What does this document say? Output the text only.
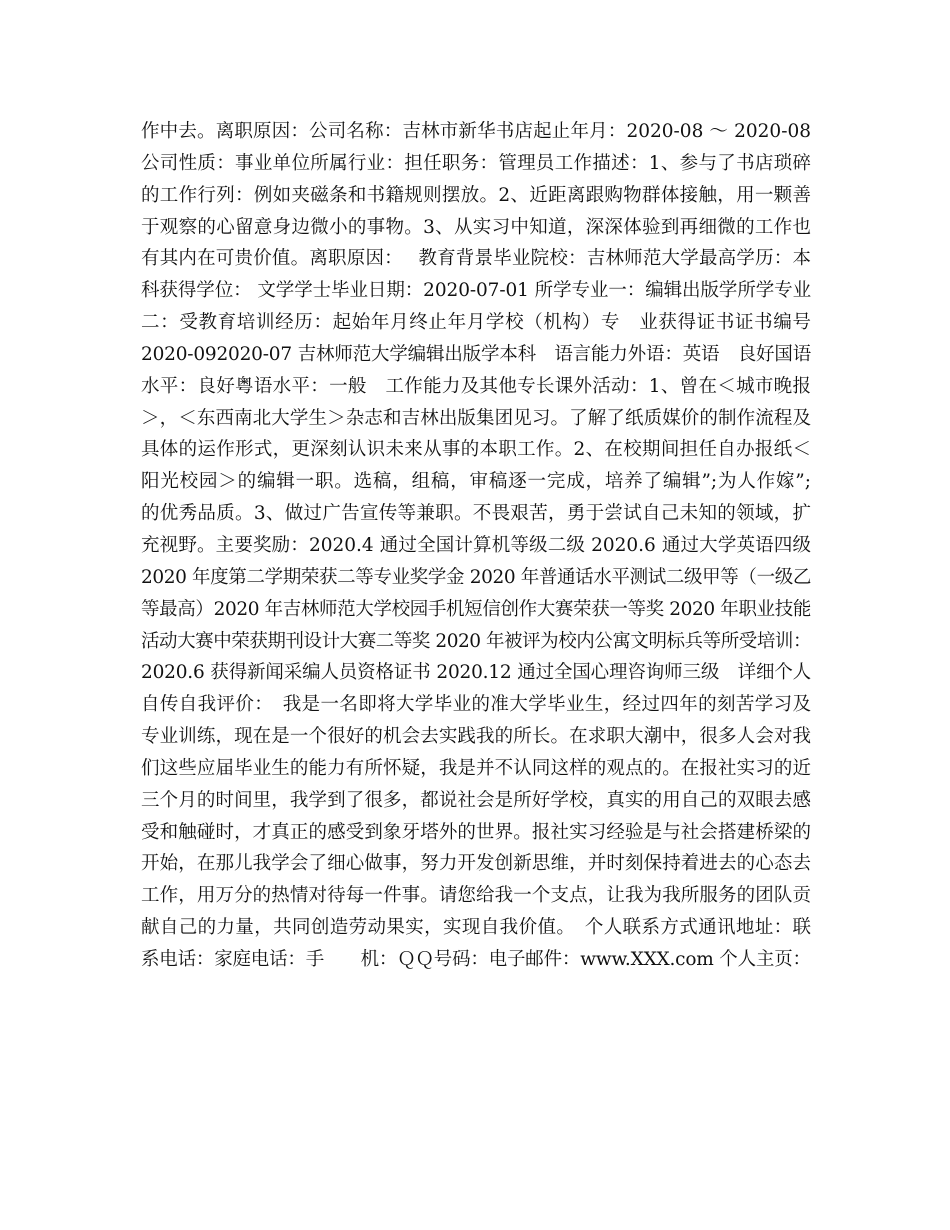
作中去。离职原因：公司名称：吉林市新华书店起止年月：2020-08 ～ 2020-08
公司性质：事业单位所属行业：担任职务：管理员工作描述：1、参与了书店琐碎
的工作行列：例如夹磁条和书籍规则摆放。2、近距离跟购物群体接触，用一颗善
于观察的心留意身边微小的事物。3、从实习中知道，深深体验到再细微的工作也
有其内在可贵价值。离职原因：　 教育背景毕业院校：吉林师范大学最高学历：本
科获得学位： 文学学士毕业日期：2020-07-01 所学专业一：编辑出版学所学专业
二：受教育培训经历：起始年月终止年月学校（机构）专　业获得证书证书编号
2020-092020-07 吉林师范大学编辑出版学本科　语言能力外语：英语　良好国语
水平：良好粤语水平：一般　工作能力及其他专长课外活动：1、曾在＜城市晚报
＞，＜东西南北大学生＞杂志和吉林出版集团见习。了解了纸质媒价的制作流程及
具体的运作形式，更深刻认识未来从事的本职工作。2、在校期间担任自办报纸＜
阳光校园＞的编辑一职。选稿，组稿，审稿逐一完成，培养了编辑”;为人作嫁”;
的优秀品质。3、做过广告宣传等兼职。不畏艰苦，勇于尝试自己未知的领域，扩
充视野。主要奖励：2020.4 通过全国计算机等级二级 2020.6 通过大学英语四级
2020 年度第二学期荣获二等专业奖学金 2020 年普通话水平测试二级甲等（一级乙
等最高）2020 年吉林师范大学校园手机短信创作大赛荣获一等奖 2020 年职业技能
活动大赛中荣获期刊设计大赛二等奖 2020 年被评为校内公寓文明标兵等所受培训：
2020.6 获得新闻采编人员资格证书 2020.12 通过全国心理咨询师三级　详细个人
自传自我评价：　我是一名即将大学毕业的准大学毕业生，经过四年的刻苦学习及
专业训练，现在是一个很好的机会去实践我的所长。在求职大潮中，很多人会对我
们这些应届毕业生的能力有所怀疑，我是并不认同这样的观点的。在报社实习的近
三个月的时间里，我学到了很多，都说社会是所好学校，真实的用自己的双眼去感
受和触碰时，才真正的感受到象牙塔外的世界。报社实习经验是与社会搭建桥梁的
开始，在那儿我学会了细心做事，努力开发创新思维，并时刻保持着进去的心态去
工作，用万分的热情对待每一件事。请您给我一个支点，让我为我所服务的团队贡
献自己的力量，共同创造劳动果实，实现自我价值。　个人联系方式通讯地址：联
系电话：家庭电话：手　　机：ＱＱ号码：电子邮件：www.XXX.com 个人主页：
